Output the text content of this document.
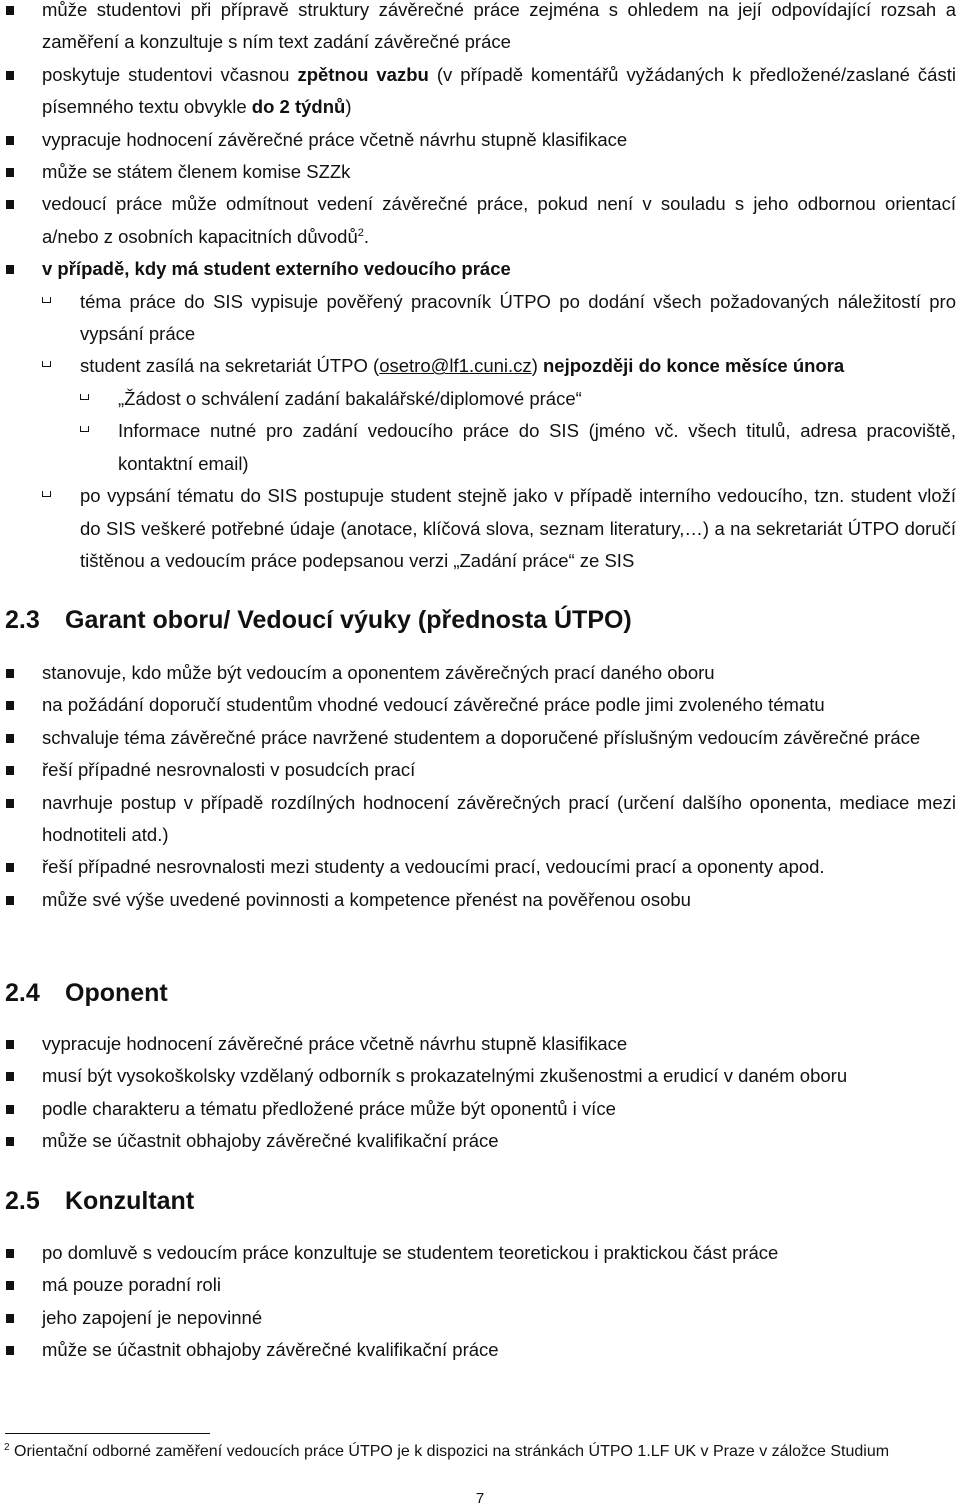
může studentovi při přípravě struktury závěrečné práce zejména s ohledem na její odpovídající rozsah a zaměření a konzultuje s ním text zadání závěrečné práce
poskytuje studentovi včasnou zpětnou vazbu (v případě komentářů vyžádaných k předložené/zaslané části písemného textu obvykle do 2 týdnů)
vypracuje hodnocení závěrečné práce včetně návrhu stupně klasifikace
může se státem členem komise SZZk
vedoucí práce může odmítnout vedení závěrečné práce, pokud není v souladu s jeho odbornou orientací a/nebo z osobních kapacitních důvodů$^2$.
v případě, kdy má student externího vedoucího práce
téma práce do SIS vypisuje pověřený pracovník ÚTPO po dodání všech požadovaných náležitostí pro vypsání práce
student zasílá na sekretariát ÚTPO (osetro@lf1.cuni.cz) nejpozději do konce měsíce února
„Žádost o schválení zadání bakalářské/diplomové práce“
Informace nutné pro zadání vedoucího práce do SIS (jméno vč. všech titulů, adresa pracoviště, kontaktní email)
po vypsání tématu do SIS postupuje student stejně jako v případě interního vedoucího, tzn. student vloží do SIS veškeré potřebné údaje (anotace, klíčová slova, seznam literatury,…) a na sekretariát ÚTPO doručí tištěnou a vedoucím práce podepsanou verzi „Zadání práce“ ze SIS
2.3 Garant oboru/ Vedoucí výuky (přednosta ÚTPO)
stanovuje, kdo může být vedoucím a oponentem závěrečných prací daného oboru
na požádání doporučí studentům vhodné vedoucí závěrečné práce podle jimi zvoleného tématu
schvaluje téma závěrečné práce navržené studentem a doporučené příslušným vedoucím závěrečné práce
řeší případné nesrovnalosti v posudcích prací
navrhuje postup v případě rozdílných hodnocení závěrečných prací (určení dalšího oponenta, mediace mezi hodnotiteli atd.)
řeší případné nesrovnalosti mezi studenty a vedoucími prací, vedoucími prací a oponenty apod.
může své výše uvedené povinnosti a kompetence přenést na pověřenou osobu
2.4 Oponent
vypracuje hodnocení závěrečné práce včetně návrhu stupně klasifikace
musí být vysokoškolsky vzdělaný odborník s prokazatelnými zkušenostmi a erudicí v daném oboru
podle charakteru a tématu předložené práce může být oponentů i více
může se účastnit obhajoby závěrečné kvalifikační práce
2.5 Konzultant
po domluvě s vedoucím práce konzultuje se studentem teoretickou i praktickou část práce
má pouze poradní roli
jeho zapojení je nepovinné
může se účastnit obhajoby závěrečné kvalifikační práce
$^2$ Orientační odborné zaměření vedoucích práce ÚTPO je k dispozici na stránkách ÚTPO 1.LF UK v Praze v záložce Studium
7
